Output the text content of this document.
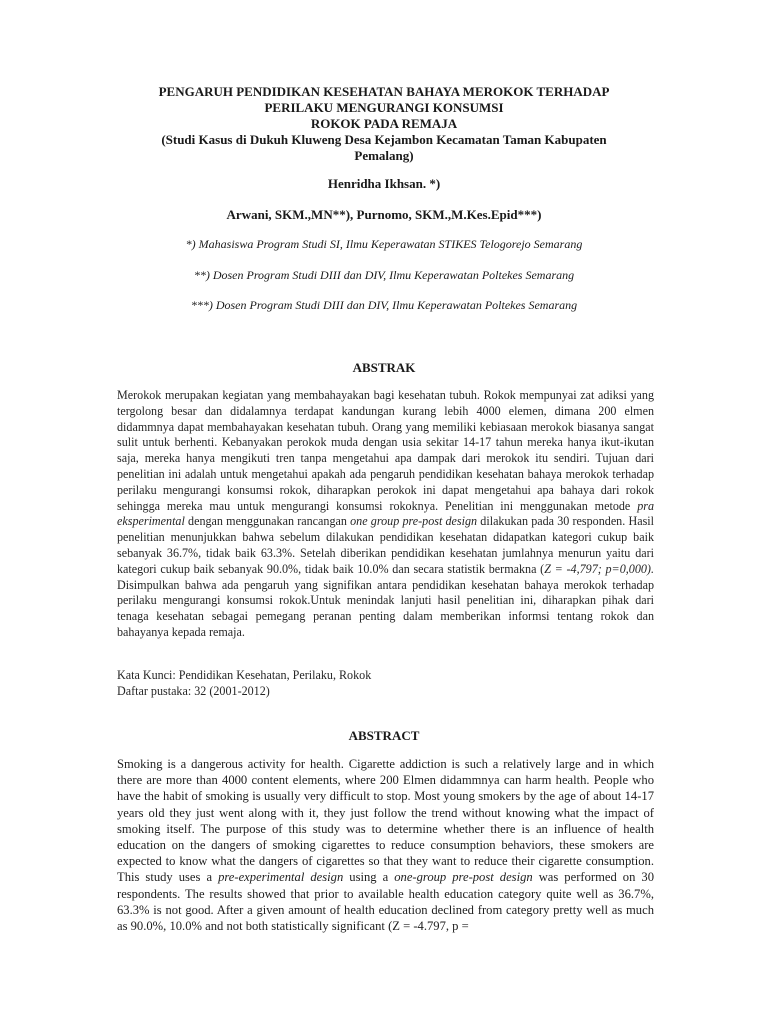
PENGARUH PENDIDIKAN KESEHATAN BAHAYA MEROKOK TERHADAP
PERILAKU MENGURANGI KONSUMSI
ROKOK PADA REMAJA
(Studi Kasus di Dukuh Kluweng Desa Kejambon Kecamatan Taman Kabupaten
Pemalang)
Henridha Ikhsan. *)
Arwani, SKM.,MN**), Purnomo, SKM.,M.Kes.Epid***)
*) Mahasiswa Program Studi SI, Ilmu Keperawatan STIKES Telogorejo Semarang
**) Dosen Program Studi DIII dan DIV, Ilmu Keperawatan Poltekes Semarang
***) Dosen Program Studi DIII dan DIV, Ilmu Keperawatan Poltekes Semarang
ABSTRAK
Merokok merupakan kegiatan yang membahayakan bagi kesehatan tubuh. Rokok mempunyai zat adiksi yang tergolong besar dan didalamnya terdapat kandungan kurang lebih 4000 elemen, dimana 200 elmen didammnya dapat membahayakan kesehatan tubuh. Orang yang memiliki kebiasaan merokok biasanya sangat sulit untuk berhenti. Kebanyakan perokok muda dengan usia sekitar 14-17 tahun mereka hanya ikut-ikutan saja, mereka hanya mengikuti tren tanpa mengetahui apa dampak dari merokok itu sendiri. Tujuan dari penelitian ini adalah untuk mengetahui apakah ada pengaruh pendidikan kesehatan bahaya merokok terhadap perilaku mengurangi konsumsi rokok, diharapkan perokok ini dapat mengetahui apa bahaya dari rokok sehingga mereka mau untuk mengurangi konsumsi rokoknya. Penelitian ini menggunakan metode pra eksperimental dengan menggunakan rancangan one group pre-post design dilakukan pada 30 responden. Hasil penelitian menunjukkan bahwa sebelum dilakukan pendidikan kesehatan didapatkan kategori cukup baik sebanyak 36.7%, tidak baik 63.3%. Setelah diberikan pendidikan kesehatan jumlahnya menurun yaitu dari kategori cukup baik sebanyak 90.0%, tidak baik 10.0% dan secara statistik bermakna (Z = -4,797; p=0,000). Disimpulkan bahwa ada pengaruh yang signifikan antara pendidikan kesehatan bahaya merokok terhadap perilaku mengurangi konsumsi rokok.Untuk menindak lanjuti hasil penelitian ini, diharapkan pihak dari tenaga kesehatan sebagai pemegang peranan penting dalam memberikan informsi tentang rokok dan bahayanya kepada remaja.
Kata Kunci: Pendidikan Kesehatan, Perilaku, Rokok
Daftar pustaka: 32 (2001-2012)
ABSTRACT
Smoking is a dangerous activity for health. Cigarette addiction is such a relatively large and in which there are more than 4000 content elements, where 200 Elmen didammnya can harm health. People who have the habit of smoking is usually very difficult to stop. Most young smokers by the age of about 14-17 years old they just went along with it, they just follow the trend without knowing what the impact of smoking itself. The purpose of this study was to determine whether there is an influence of health education on the dangers of smoking cigarettes to reduce consumption behaviors, these smokers are expected to know what the dangers of cigarettes so that they want to reduce their cigarette consumption. This study uses a pre-experimental design using a one-group pre-post design was performed on 30 respondents. The results showed that prior to available health education category quite well as 36.7%, 63.3% is not good. After a given amount of health education declined from category pretty well as much as 90.0%, 10.0% and not both statistically significant (Z = -4.797, p =
